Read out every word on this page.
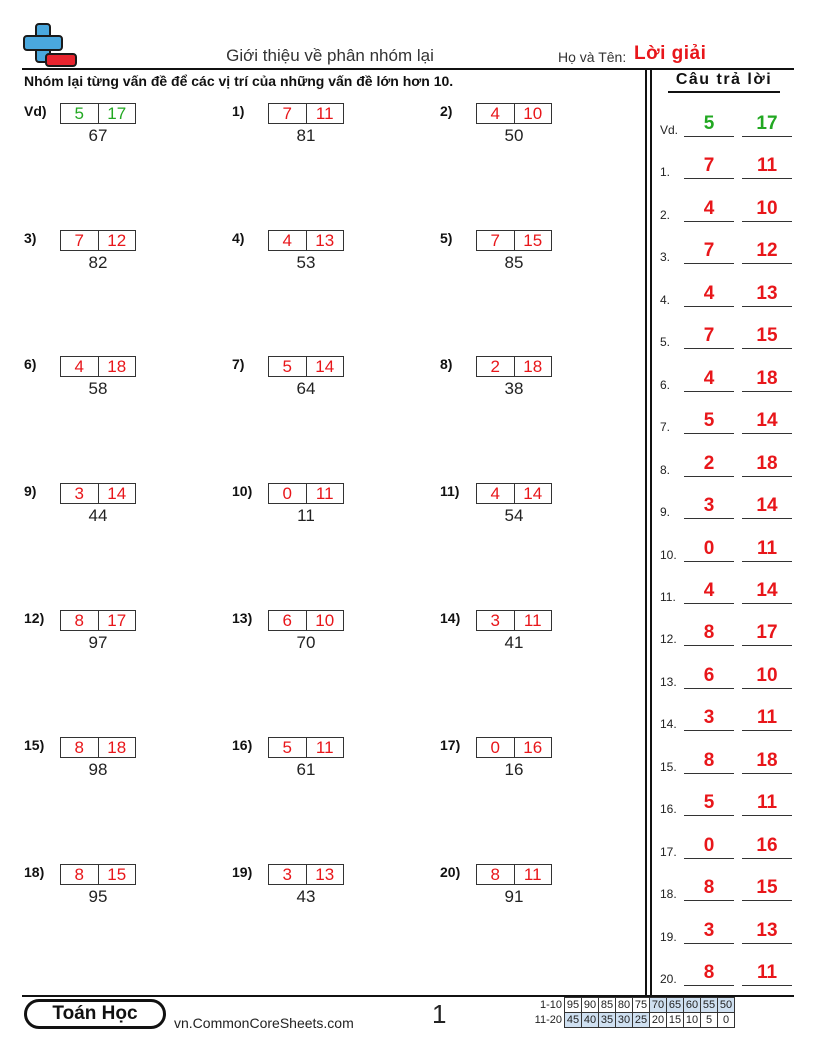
Giới thiệu về phân nhóm lại	Họ và Tên: Lời giải
Nhóm lại từng vấn đề để các vị trí của những vấn đề lớn hơn 10.	Câu trả lời
Vd)	5	17
67
1)	7	11
81
2)	4	10
50
3)	7	12
82
4)	4	13
53
5)	7	15
85
6)	4	18
58
7)	5	14
64
8)	2	18
38
9)	3	14
44
10)	0	11
11
11)	4	14
54
12)	8	17
97
13)	6	10
70
14)	3	11
41
15)	8	18
98
16)	5	11
61
17)	0	16
16
18)	8	15
95
19)	3	13
43
20)	8	11
91
Vd.	5	17
1.	7	11
2.	4	10
3.	7	12
4.	4	13
5.	7	15
6.	4	18
7.	5	14
8.	2	18
9.	3	14
10.	0	11
11.	4	14
12.	8	17
13.	6	10
14.	3	11
15.	8	18
16.	5	11
17.	0	16
18.	8	15
19.	3	13
20.	8	11
Toán Học	vn.CommonCoreSheets.com	1	1-10 95 90 85 80 75 70 65 60 55 50
11-20 45 40 35 30 25 20 15 10 5 0
